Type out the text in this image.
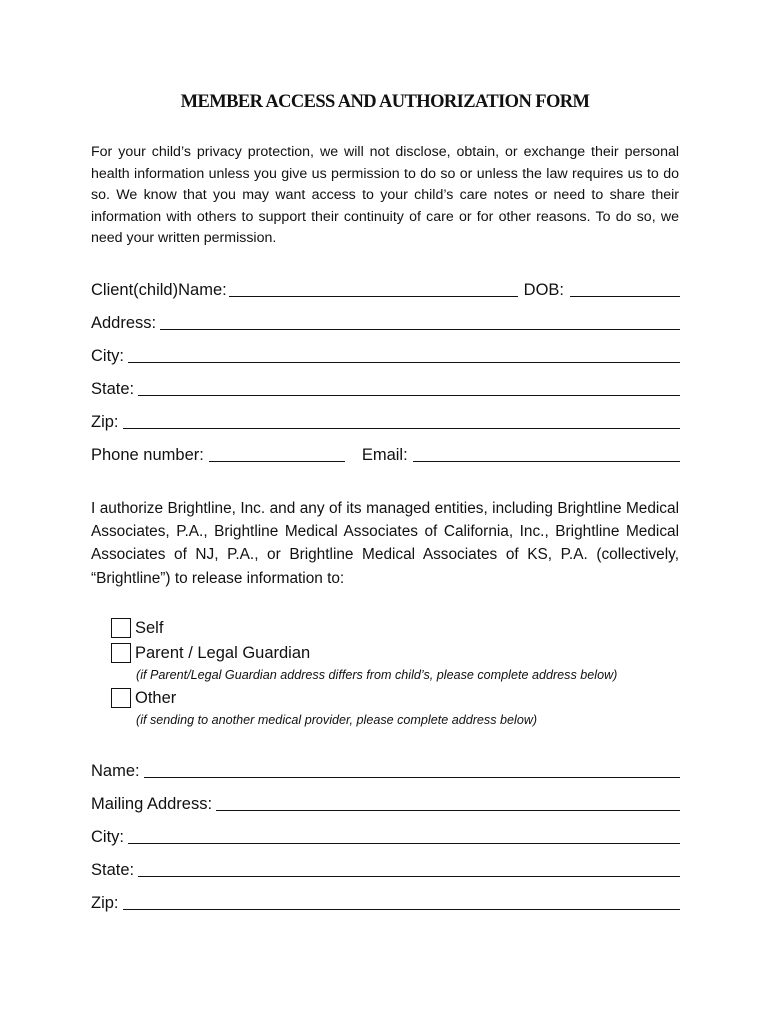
MEMBER ACCESS AND AUTHORIZATION FORM

For your child’s privacy protection, we will not disclose, obtain, or exchange their personal health information unless you give us permission to do so or unless the law requires us to do so. We know that you may want access to your child’s care notes or need to share their information with others to support their continuity of care or for other reasons. To do so, we need your written permission.

Client(child)Name:	DOB:
Address:
City:
State:
Zip:
Phone number:	Email:

I authorize Brightline, Inc. and any of its managed entities, including Brightline Medical Associates, P.A., Brightline Medical Associates of California, Inc., Brightline Medical Associates of NJ, P.A., or Brightline Medical Associates of KS, P.A. (collectively, “Brightline”) to release information to:

Self
Parent / Legal Guardian
(if Parent/Legal Guardian address differs from child’s, please complete address below)
Other
(if sending to another medical provider, please complete address below)
Name:
Mailing Address:
City:
State:
Zip:
